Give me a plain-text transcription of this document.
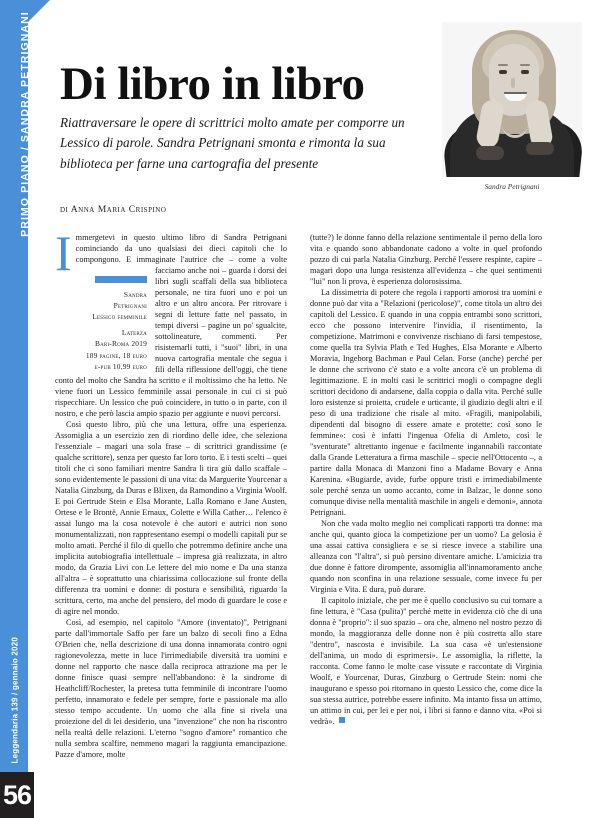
PRIMO PIANO / SANDRA PETRIGNANI
Leggendaria 139 / gennaio 2020
56
Di libro in libro
Riattraversare le opere di scrittrici molto amate per comporre un Lessico di parole. Sandra Petrignani smonta e rimonta la sua biblioteca per farne una cartografia del presente
di Anna Maria Crispino
Sandra Petrignani
I
Sandra
Petrignani
Lessico femminile
Laterza
Bari-Roma 2019
189 pagine, 18 euro
e-pub 10,99 euro

mmergetevi in questo ultimo libro di Sandra Petrignani cominciando da uno qualsiasi dei dieci capitoli che lo compongono. E immaginate l'autrice che – come a volte facciamo anche noi – guarda i dorsi dei libri sugli scaffali della sua biblioteca personale, ne tira fuori uno e poi un altro e un altro ancora. Per ritrovare i segni di letture fatte nel passato, in tempi diversi – pagine un po' sgualcite, sottolineature, commenti. Per risistemarli tutti, i "suoi" libri, in una nuova cartografia mentale che segua i fili della riflessione dell'oggi, che tiene conto del molto che Sandra ha scritto e il moltissimo che ha letto. Ne viene fuori un Lessico femminile assai personale in cui ci si può rispecchiare. Un lessico che può coincidere, in tutto o in parte, con il nostro, e che però lascia ampio spazio per aggiunte e nuovi percorsi.

Così questo libro, più che una lettura, offre una esperienza. Assomiglia a un esercizio zen di riordino delle idee, che seleziona l'essenziale – magari una sola frase – di scrittrici grandissime (e qualche scrittore), senza per questo far loro torto. E i testi scelti – quei titoli che ci sono familiari mentre Sandra li tira giù dallo scaffale – sono evidentemente le passioni di una vita: da Marguerite Yourcenar a Natalia Ginzburg, da Duras e Blixen, da Ramondino a Virginia Woolf. E poi Gertrude Stein e Elsa Morante, Lalla Romano e Jane Austen, Ortese e le Brontë, Annie Ernaux, Colette e Willa Cather… l'elenco è assai lungo ma la cosa notevole è che autori e autrici non sono monumentalizzati, non rappresentano esempi o modelli capitali pur se molto amati. Perché il filo di quello che potremmo definire anche una implicita autobiografia intellettuale – impresa già realizzata, in altro modo, da Grazia Livi con Le lettere del mio nome e Da una stanza all'altra – è soprattutto una chiarissima collocazione sul fronte della differenza tra uomini e donne: di postura e sensibilità, riguardo la scrittura, certo, ma anche del pensiero, del modo di guardare le cose e di agire nel mondo.

Così, ad esempio, nel capitolo "Amore (inventato)", Petrignani parte dall'immortale Saffo per fare un balzo di secoli fino a Edna O'Brien che, nella descrizione di una donna innamorata contro ogni ragionevolezza, mette in luce l'irrimediabile diversità tra uomini e donne nel rapporto che nasce dalla reciproca attrazione ma per le donne finisce quasi sempre nell'abbandono: è la sindrome di Heathcliff/Rochester, la pretesa tutta femminile di incontrare l'uomo perfetto, innamorato e fedele per sempre, forte e passionale ma allo stesso tempo accudente. Un uomo che alla fine si rivela una proiezione del di lei desiderio, una "invenzione" che non ha riscontro nella realtà delle relazioni. L'eterno "sogno d'amore" romantico che nulla sembra scalfire, nemmeno magari la raggiunta emancipazione. Pazze d'amore, molte

(tutte?) le donne fanno della relazione sentimentale il perno della loro vita e quando sono abbandonate cadono a volte in quel profondo pozzo di cui parla Natalia Ginzburg. Perché l'essere respinte, capire – magari dopo una lunga resistenza all'evidenza – che quei sentimenti "lui" non li prova, è esperienza dolorosissima.

La dissimetria di potere che regola i rapporti amorosi tra uomini e donne può dar vita a "Relazioni (pericolose)", come titola un altro dei capitoli del Lessico. E quando in una coppia entrambi sono scrittori, ecco che possono intervenire l'invidia, il risentimento, la competizione. Matrimoni e convivenze rischiano di farsi tempestose, come quella tra Sylvia Plath e Ted Hughes, Elsa Morante e Alberto Moravia, Ingeborg Bachman e Paul Celan. Forse (anche) perché per le donne che scrivono c'è stato e a volte ancora c'è un problema di legittimazione. E in molti casi le scrittrici mogli o compagne degli scrittori decidono di andarsene, dalla coppia o dalla vita. Perché sulle loro esistenze si proietta, crudele e urticante, il giudizio degli altri e il peso di una tradizione che risale al mito. «Fragili, manipolabili, dipendenti dal bisogno di essere amate e protette: così sono le femmine»: così è infatti l'ingenua Ofelia di Amleto, così le "sventurate" altrettanto ingenue e facilmente ingannabili raccontate dalla Grande Letteratura a firma maschile – specie nell'Ottocento –, a partire dalla Monaca di Manzoni fino a Madame Bovary e Anna Karenina. «Bugiarde, avide, furbe oppure tristi e irrimediabilmente sole perché senza un uomo accanto, come in Balzac, le donne sono comunque divise nella mentalità maschile in angeli e demoni», annota Petrignani.

Non che vada molto meglio nei complicati rapporti tra donne: ma anche qui, quanto gioca la competizione per un uomo? La gelosia è una assai cattiva consigliera e se si riesce invece a stabilire una alleanza con "l'altra", si può persino diventare amiche. L'amicizia tra due donne è fattore dirompente, assomiglia all'innamoramento anche quando non sconfina in una relazione sessuale, come invece fu per Virginia e Vita. E dura, può durare.

Il capitolo iniziale, che per me è quello conclusivo su cui tornare a fine lettura, è "Casa (pulita)" perché mette in evidenza ciò che di una donna è "proprio": il suo spazio – ora che, almeno nel nostro pezzo di mondo, la maggioranza delle donne non è più costretta allo stare "dentro", nascosta e invisibile. La sua casa «è un'estensione dell'anima, un modo di esprimersi». Le assomiglia, la riflette, la racconta. Come fanno le molte case vissute e raccontate di Virginia Woolf, e Yourcenar, Duras, Ginzburg o Gertrude Stein: nomi che inaugurano e spesso poi ritornano in questo Lessico che, come dice la sua stessa autrice, potrebbe essere infinito. Ma intanto fissa un attimo, un attimo in cui, per lei e per noi, i libri si fanno e danno vita. «Poi si vedrà».
